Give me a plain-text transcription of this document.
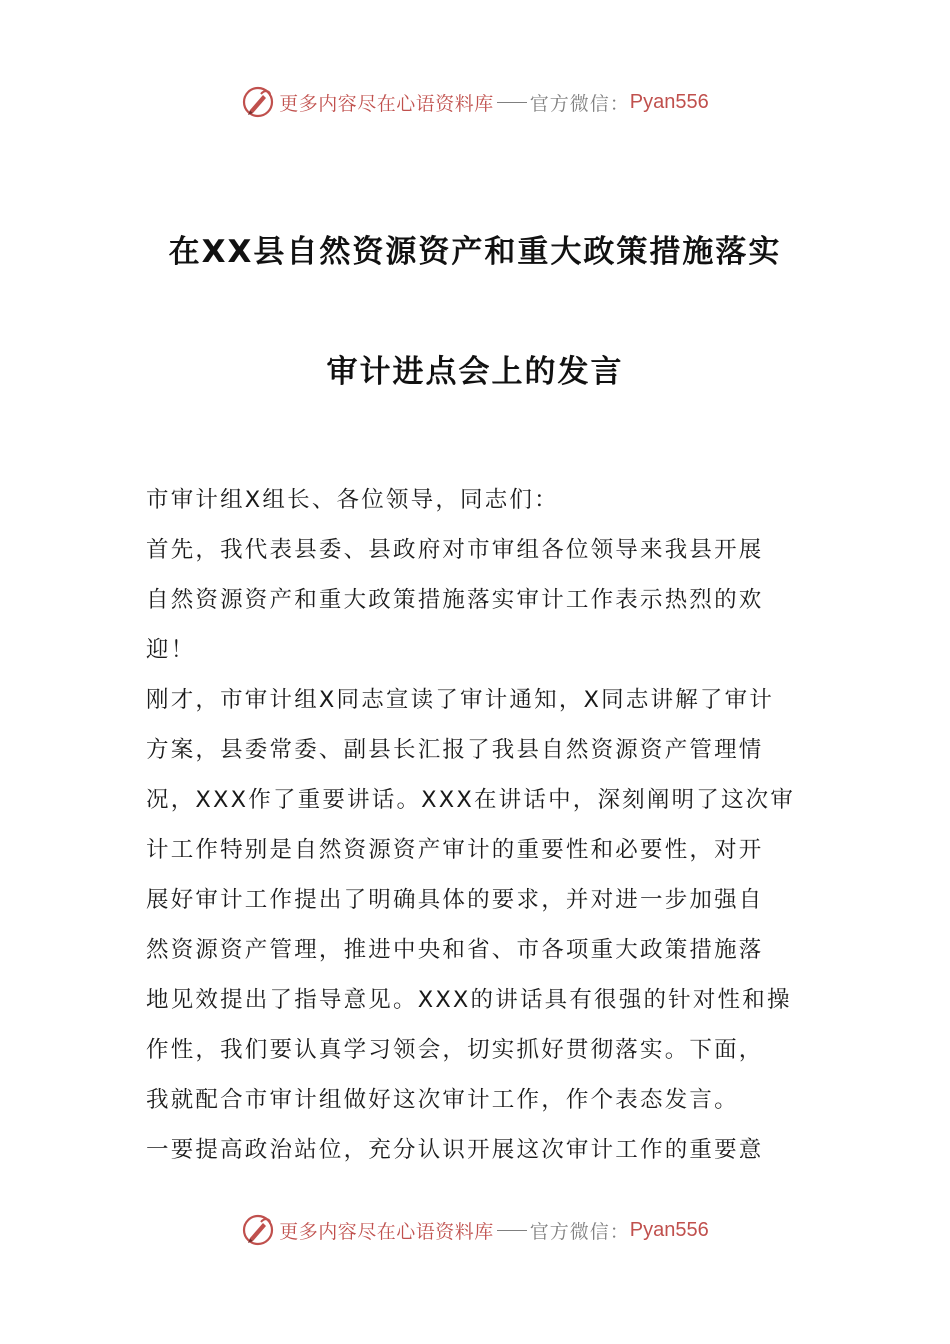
更多内容尽在心语资料库 官方微信： Pyan556
在XX县自然资源资产和重大政策措施落实
审计进点会上的发言
市审计组X组长、各位领导，同志们：
首先，我代表县委、县政府对市审组各位领导来我县开展
自然资源资产和重大政策措施落实审计工作表示热烈的欢
迎！
刚才，市审计组X同志宣读了审计通知，X同志讲解了审计
方案，县委常委、副县长汇报了我县自然资源资产管理情
况，XXX作了重要讲话。XXX在讲话中，深刻阐明了这次审
计工作特别是自然资源资产审计的重要性和必要性，对开
展好审计工作提出了明确具体的要求，并对进一步加强自
然资源资产管理，推进中央和省、市各项重大政策措施落
地见效提出了指导意见。XXX的讲话具有很强的针对性和操
作性，我们要认真学习领会，切实抓好贯彻落实。下面，
我就配合市审计组做好这次审计工作，作个表态发言。
一要提高政治站位，充分认识开展这次审计工作的重要意
更多内容尽在心语资料库 官方微信： Pyan556
